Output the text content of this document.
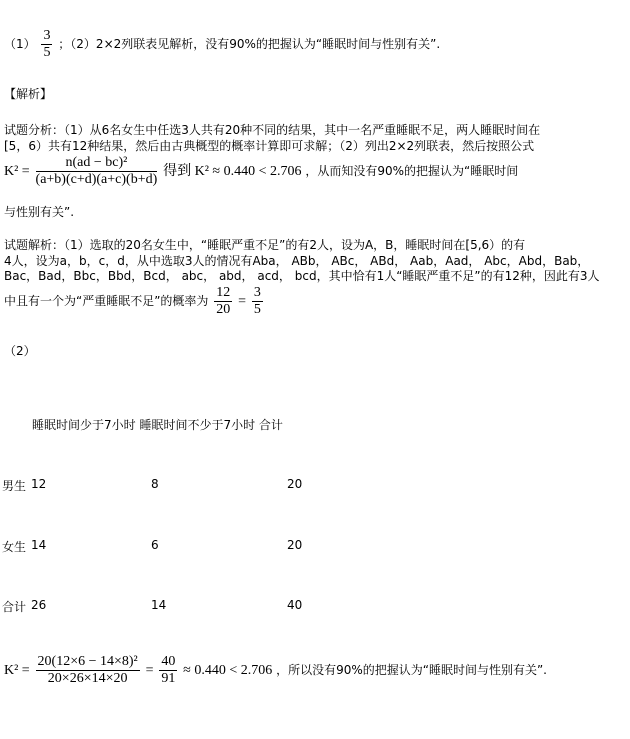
$(1) \frac{3}{5}$ ；（2）2×2列联表见解析，没有90%的把握认为“睡眠时间与性别有关”.
【解析】
试题分析：（1）从6名女生中任选3人共有20种不同的结果，其中一名严重睡眠不足，两人睡眠时间在
[5，6）共有12种结果，然后由古典概型的概率计算即可求解；（2）列出2×2列联表，然后按照公式
$K^2 = \frac{\text{n(ad − bc)²}}{(a+b)(c+d)(a+c)(b+d)}$ 得到 K² ≈ 0.440 < 2.706 ，从而知没有90%的把握认为“睡眠时间
与性别有关”.
试题解析：（1）选取的20名女生中，“睡眠严重不足”的有2人，设为A，B，睡眠时间在[5,6）的有
4人，设为a，b，c，d，从中选取3人的情况有Aba， ABb， ABc， ABd， Aab，Aad， Abc，Abd，Bab，
Bac，Bad，Bbc，Bbd，Bcd， abc， abd， acd， bcd，其中恰有1人“睡眠严重不足”的有12种，因此有3人
中且有一个为“严重睡眠不足”的概率为 $\frac{12}{20} = \frac{3}{5}$
（2）
睡眠时间少于7小时 睡眠时间不少于7小时 合计
男生 12	8	20
女生 14	6	20
合计 26	14	40
$K^2 = \frac{\text{20(12×6 − 14×8)²}}{20\times 26\times 14\times 20} = \frac{40}{91} \approx 0.440 < 2.706$ ，所以没有90%的把握认为“睡眠时间与性别有关”.
